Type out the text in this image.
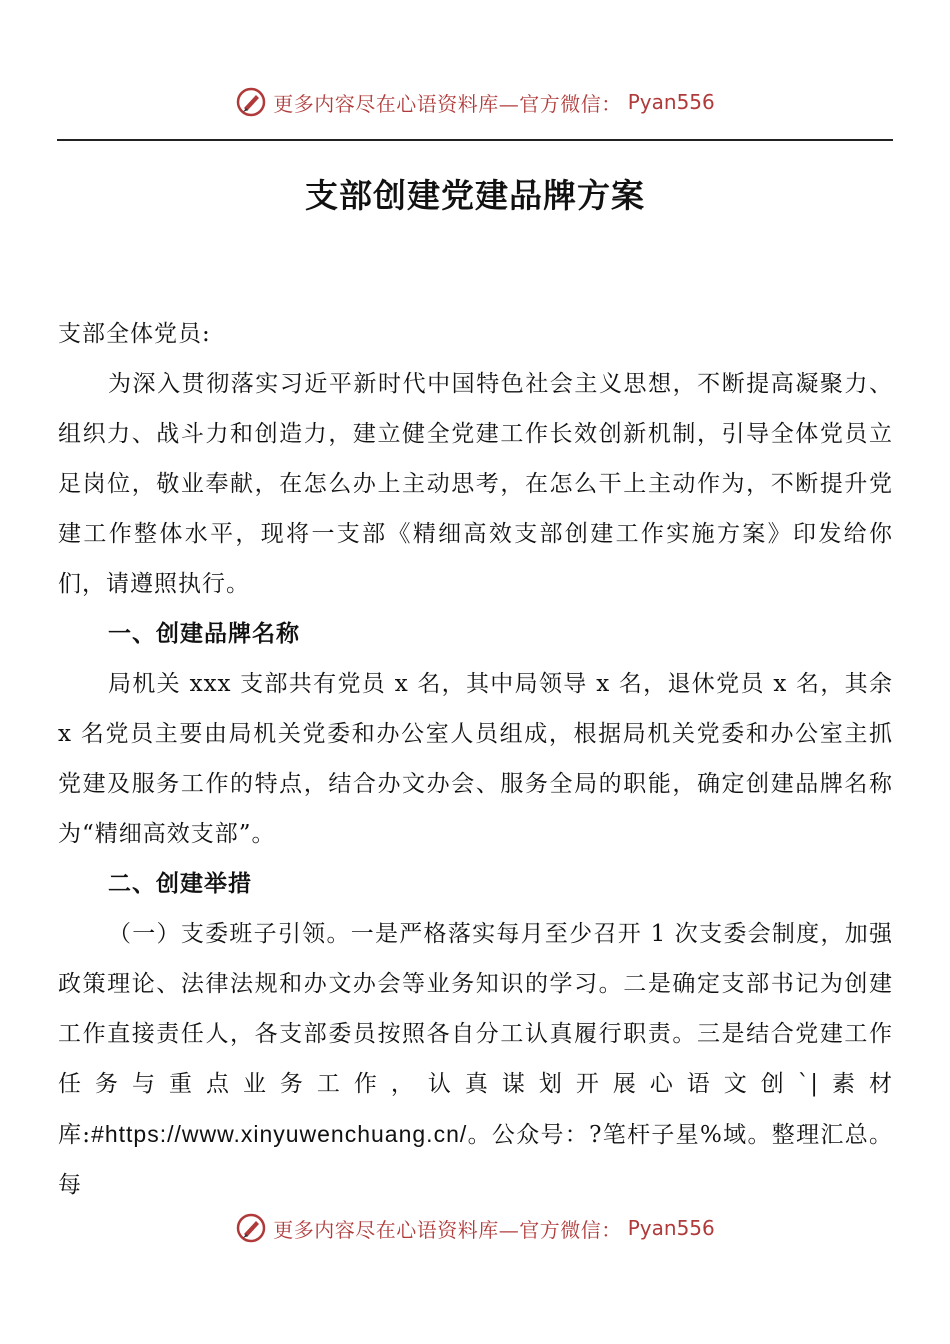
更多内容尽在心语资料库—官方微信： Pyan556
支部创建党建品牌方案

支部全体党员:

为深入贯彻落实习近平新时代中国特色社会主义思想，不断提高凝聚力、组织力、战斗力和创造力，建立健全党建工作长效创新机制，引导全体党员立足岗位，敬业奉献，在怎么办上主动思考，在怎么干上主动作为，不断提升党建工作整体水平，现将一支部《精细高效支部创建工作实施方案》印发给你们，请遵照执行。

一、创建品牌名称

局机关 xxx 支部共有党员 x 名，其中局领导 x 名，退休党员 x 名，其余 x 名党员主要由局机关党委和办公室人员组成，根据局机关党委和办公室主抓党建及服务工作的特点，结合办文办会、服务全局的职能，确定创建品牌名称为“精细高效支部”。

二、创建举措

（一）支委班子引领。一是严格落实每月至少召开 1 次支委会制度，加强政策理论、法律法规和办文办会等业务知识的学习。二是确定支部书记为创建工作直接责任人，各支部委员按照各自分工认真履行职责。三是结合党建工作任务与重点业务工作，认真谋划开展心语文创`|素材库:#https://www.xinyuwenchuang.cn/。公众号：?笔杆子星%域。整理汇总。每

更多内容尽在心语资料库—官方微信： Pyan556
